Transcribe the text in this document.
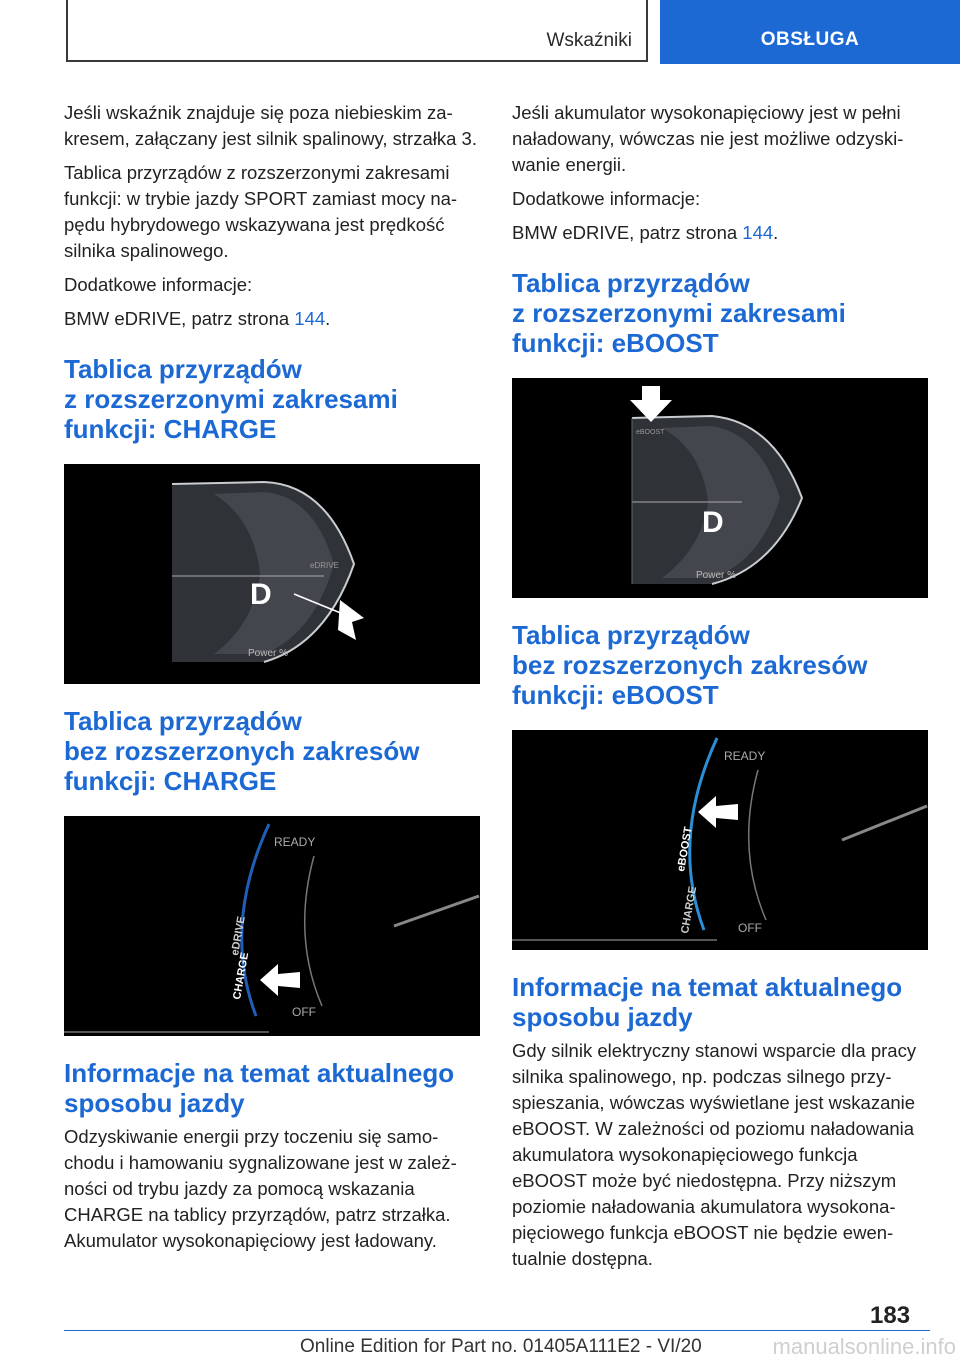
Wskaźniki	OBSŁUGA

Jeśli wskaźnik znajduje się poza niebieskim zakresem, załączany jest silnik spalinowy, strzałka 3.

Tablica przyrządów z rozszerzonymi zakresami funkcji: w trybie jazdy SPORT zamiast mocy napędu hybrydowego wskazywana jest prędkość silnika spalinowego.

Dodatkowe informacje:

BMW eDRIVE, patrz strona 144.

Tablica przyrządów
z rozszerzonymi zakresami
funkcji: CHARGE
D
eDRIVE
Power %
Tablica przyrządów
bez rozszerzonych zakresów
funkcji: CHARGE
READY
OFF
eDRIVE
CHARGE
Informacje na temat aktualnego
sposobu jazdy

Odzyskiwanie energii przy toczeniu się samochodu i hamowaniu sygnalizowane jest w zależności od trybu jazdy za pomocą wskazania CHARGE na tablicy przyrządów, patrz strzałka. Akumulator wysokonapięciowy jest ładowany.

Jeśli akumulator wysokonapięciowy jest w pełni naładowany, wówczas nie jest możliwe odzyskiwanie energii.

Dodatkowe informacje:

BMW eDRIVE, patrz strona 144.

Tablica przyrządów
z rozszerzonymi zakresami
funkcji: eBOOST
eBOOST
D
Power %
Tablica przyrządów
bez rozszerzonych zakresów
funkcji: eBOOST
READY
OFF
eBOOST
CHARGE
Informacje na temat aktualnego
sposobu jazdy

Gdy silnik elektryczny stanowi wsparcie dla pracy silnika spalinowego, np. podczas silnego przyspieszania, wówczas wyświetlane jest wskazanie eBOOST. W zależności od poziomu naładowania akumulatora wysokonapięciowego funkcja eBOOST może być niedostępna. Przy niższym poziomie naładowania akumulatora wysokonapięciowego funkcja eBOOST nie będzie ewentualnie dostępna.

183
Online Edition for Part no. 01405A111E2 - VI/20	manualsonline.info
